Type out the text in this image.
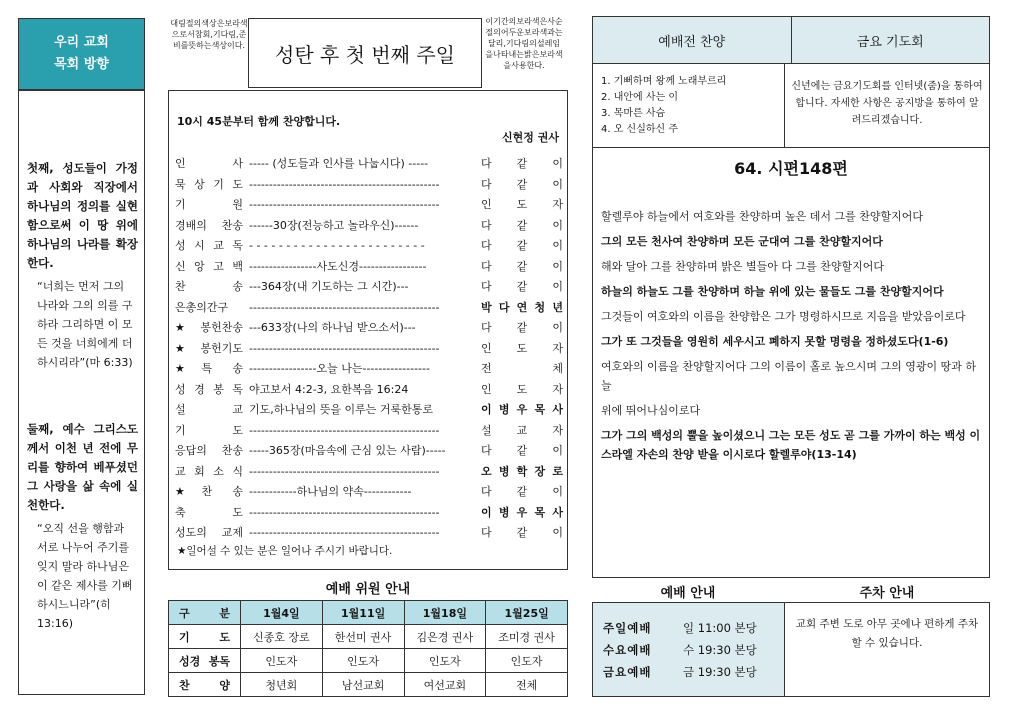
우리 교회
목회 방향
첫째, 성도들이 가정과 사회와 직장에서 하나님의 정의를 실현함으로써 이 땅 위에 하나님의 나라를 확장한다.
“너희는 먼저 그의 나라와 그의 의를 구하라 그리하면 이 모든 것을 너희에게 더하시리라”(마 6:33)
둘째, 예수 그리스도께서 이천 년 전에 무리를 향하여 베푸셨던 그 사랑을 삶 속에 실천한다.
“오직 선을 행함과 서로 나누어 주기를 잊지 말라 하나님은 이 같은 제사를 기뻐하시느니라”(히 13:16)
대림절의색상은보라색으로서참회,기다림,준비를뜻하는색상이다. 성탄 후 첫 번째 주일
이기간의보라색은사순절의어두운보라색과는달리,기다림의설레임을나타내는밝은보라색을사용한다.
10시 45분부터 함께 찬양합니다.
신현정 권사
인 사 ----- (성도들과 인사를 나눕시다) -----	다 같 이
묵 상 기 도 ------------------------------------------------	다 같 이
기 원 ------------------------------------------------	인 도 자
경배의 찬송 ------30장(전능하고 놀라우신)------	다 같 이
성 시 교 독 - - - - - - - - - - - - - - - - - - - - - - - -	다 같 이
신 앙 고 백 -----------------사도신경-----------------	다 같 이
찬 송 ---364장(내 기도하는 그 시간)---	다 같 이
은총의간구	------------------------------------------------	박 다 연 청 년
★봉헌찬송 ---633장(나의 하나님 받으소서)---	다 같 이
★봉헌기도 ------------------------------------------------	인 도 자
★특 송 -----------------오늘 나는-----------------	전 체
성 경 봉 독 야고보서 4:2-3, 요한복음 16:24	인 도 자
설 교 기도,하나님의 뜻을 이루는 거룩한통로	이 병 우 목 사
기 도 ------------------------------------------------	설 교 자
응답의 찬송 -----365장(마음속에 근심 있는 사람)-----	다 같 이
교 회 소 식 ------------------------------------------------	오 병 학 장 로
★찬 송 ------------하나님의 약속------------	다 같 이
축 도 ------------------------------------------------	이 병 우 목 사
성도의 교제 ------------------------------------------------	다 같 이
★일어설 수 있는 분은 일어나 주시기 바랍니다.
예배 위원 안내
구 분	1월4일	1월11일	1월18일	1월25일
기 도	신종호 장로	한선미 권사	김은경 권사	조미경 권사
성경 봉독	인도자	인도자	인도자	인도자
찬 양	청년회	남선교회	여선교회	전체
예배전 찬양	금요 기도회
1. 기뻐하며 왕께 노래부르리
2. 내안에 사는 이
3. 목마른 사슴
4. 오 신실하신 주
신년에는 금요기도회를 인터넷(줌)을 통하여 합니다. 자세한 사항은 공지방을 통하여 알려드리겠습니다.
64. 시편148편
할렐루야 하늘에서 여호와를 찬양하며 높은 데서 그를 찬양할지어다
그의 모든 천사여 찬양하며 모든 군대여 그를 찬양할지어다
해와 달아 그를 찬양하며 밝은 별들아 다 그를 찬양할지어다
하늘의 하늘도 그를 찬양하며 하늘 위에 있는 물들도 그를 찬양할지어다
그것들이 여호와의 이름을 찬양함은 그가 명령하시므로 지음을 받았음이로다
그가 또 그것들을 영원히 세우시고 폐하지 못할 명령을 정하셨도다(1-6)
여호와의 이름을 찬양할지어다 그의 이름이 홀로 높으시며 그의 영광이 땅과 하늘
위에 뛰어나심이로다
그가 그의 백성의 뿔을 높이셨으니 그는 모든 성도 곧 그를 가까이 하는 백성 이스라엘 자손의 찬양 받을 이시로다 할렐루야(13-14)
예배 안내	주차 안내
주일예배	일 11:00 본당
수요예배	수 19:30 본당
금요예배	금 19:30 본당
교회 주변 도로 아무 곳에나 편하게 주차할 수 있습니다.
